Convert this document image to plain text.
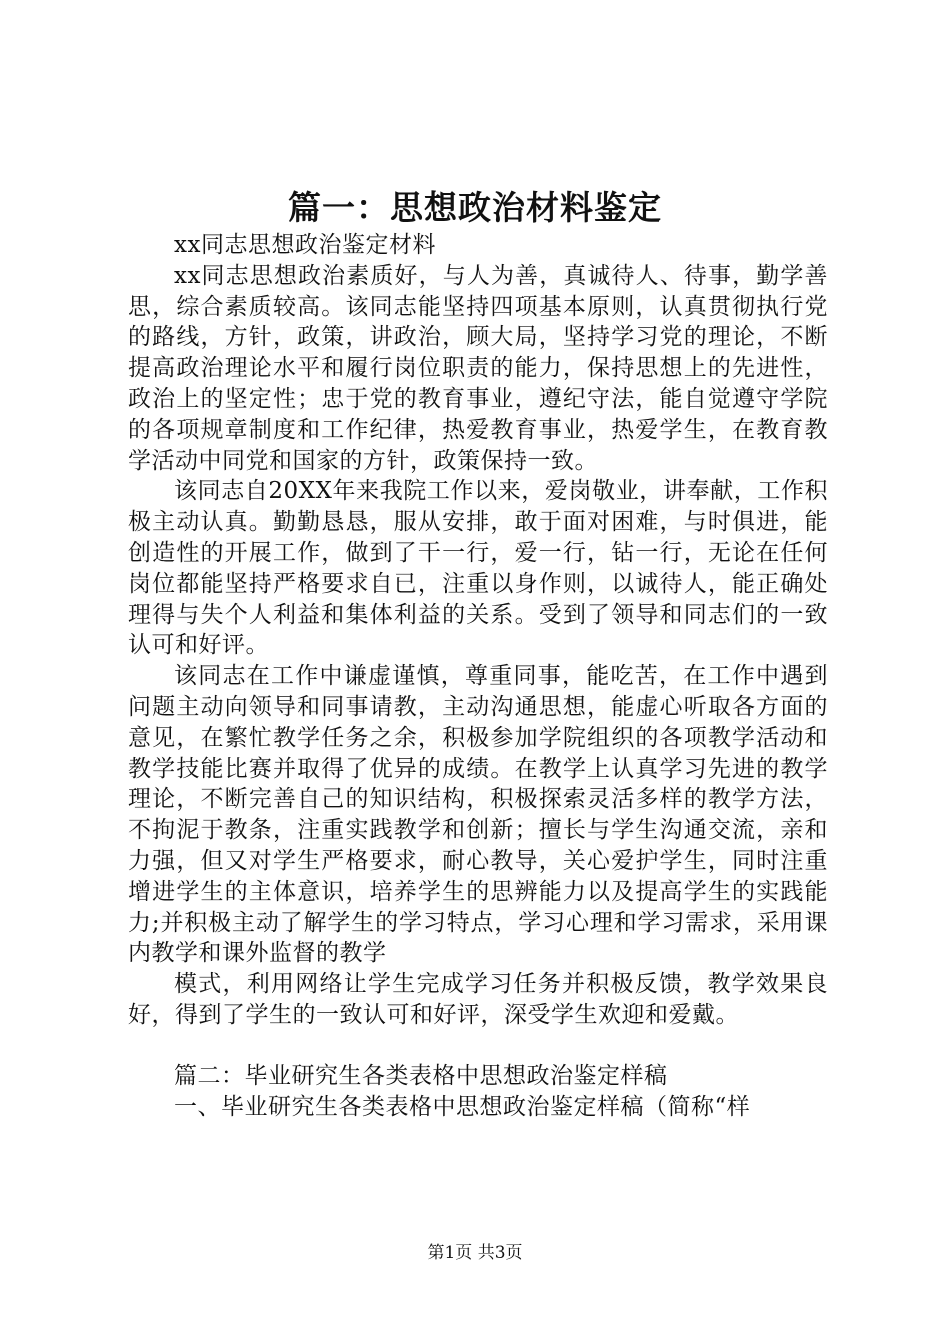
篇一：思想政治材料鉴定

xx同志思想政治鉴定材料

xx同志思想政治素质好，与人为善，真诚待人、待事，勤学善思，综合素质较高。该同志能坚持四项基本原则，认真贯彻执行党的路线，方针，政策，讲政治，顾大局，坚持学习党的理论，不断提高政治理论水平和履行岗位职责的能力，保持思想上的先进性，政治上的坚定性；忠于党的教育事业，遵纪守法，能自觉遵守学院的各项规章制度和工作纪律，热爱教育事业，热爱学生，在教育教学活动中同党和国家的方针，政策保持一致。

该同志自20XX年来我院工作以来，爱岗敬业，讲奉献，工作积极主动认真。勤勤恳恳，服从安排，敢于面对困难，与时俱进，能创造性的开展工作，做到了干一行，爱一行，钻一行，无论在任何岗位都能坚持严格要求自已，注重以身作则，以诚待人，能正确处理得与失个人利益和集体利益的关系。受到了领导和同志们的一致认可和好评。

该同志在工作中谦虚谨慎，尊重同事，能吃苦，在工作中遇到问题主动向领导和同事请教，主动沟通思想，能虚心听取各方面的意见，在繁忙教学任务之余，积极参加学院组织的各项教学活动和教学技能比赛并取得了优异的成绩。在教学上认真学习先进的教学理论，不断完善自己的知识结构，积极探索灵活多样的教学方法，不拘泥于教条，注重实践教学和创新；擅长与学生沟通交流，亲和力强，但又对学生严格要求，耐心教导，关心爱护学生，同时注重增进学生的主体意识，培养学生的思辨能力以及提高学生的实践能力;并积极主动了解学生的学习特点，学习心理和学习需求，采用课内教学和课外监督的教学

模式，利用网络让学生完成学习任务并积极反馈，教学效果良好，得到了学生的一致认可和好评，深受学生欢迎和爱戴。

篇二：毕业研究生各类表格中思想政治鉴定样稿

一、毕业研究生各类表格中思想政治鉴定样稿（简称“样

第1页 共3页
